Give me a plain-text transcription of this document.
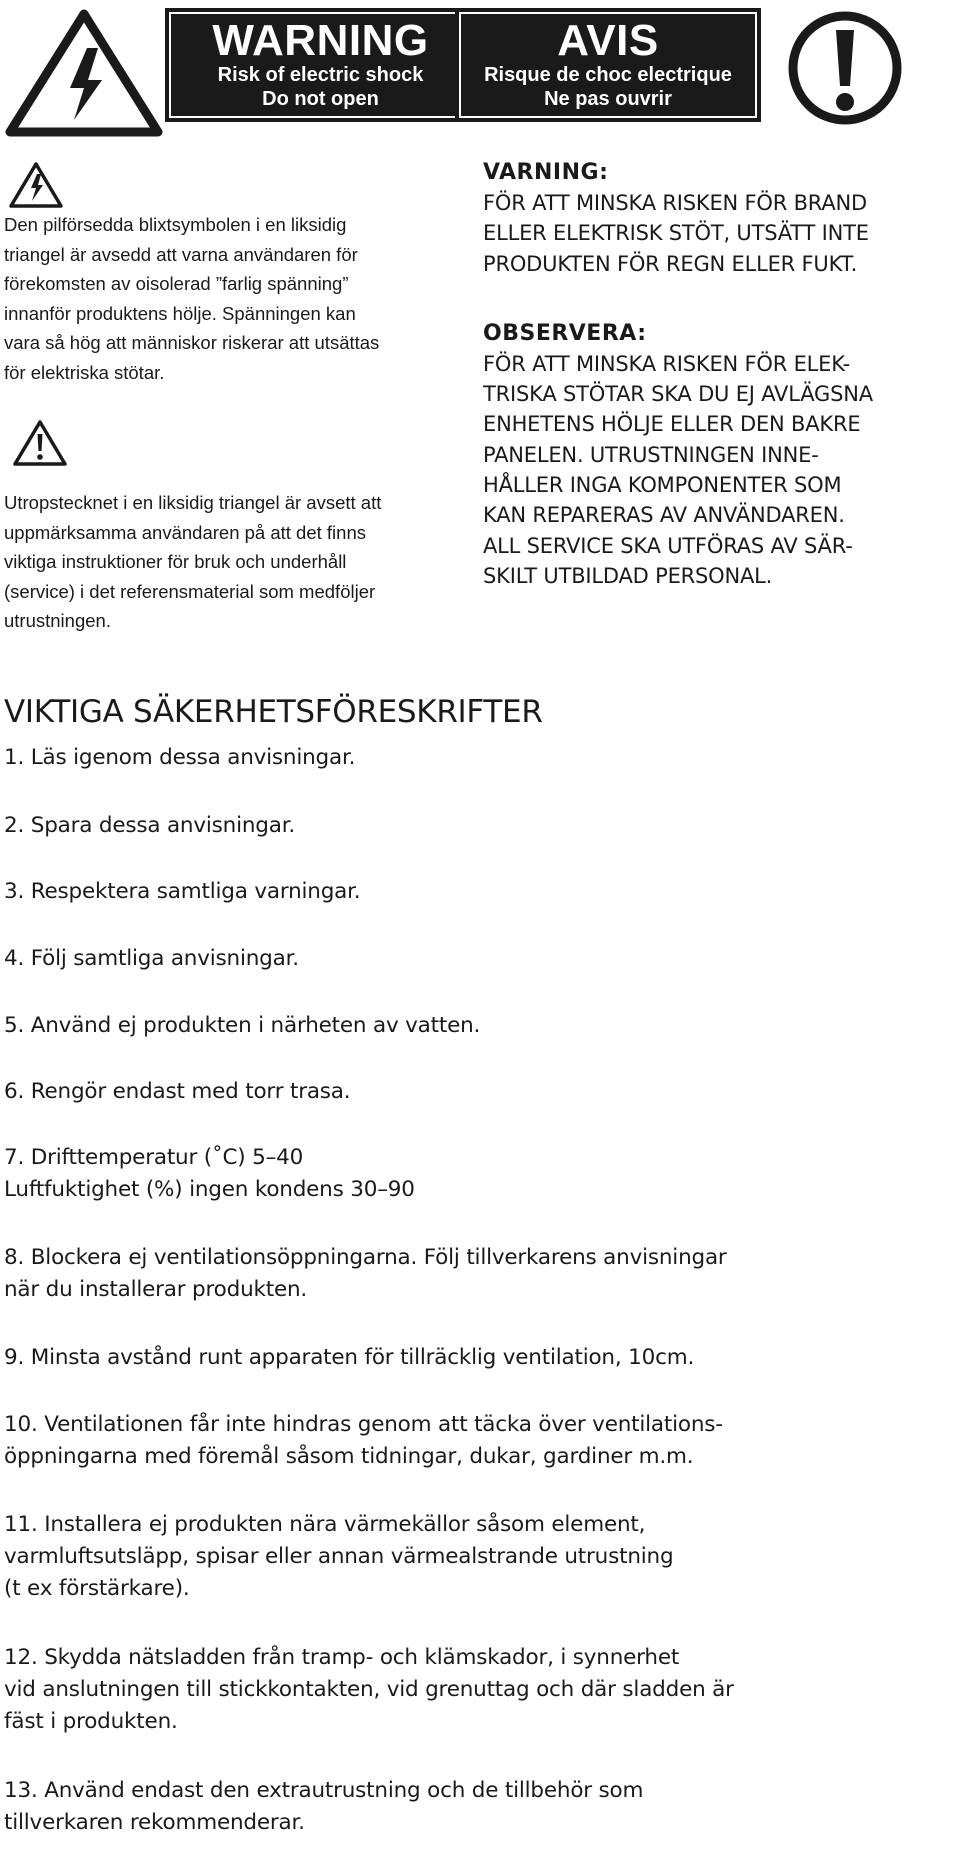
WARNING
Risk of electric shock
Do not open
AVIS
Risque de choc electrique
Ne pas ouvrir
Den pilförsedda blixtsymbolen i en liksidig
triangel är avsedd att varna användaren för
förekomsten av oisolerad ”farlig spänning”
innanför produktens hölje. Spänningen kan
vara så hög att människor riskerar att utsättas
för elektriska stötar.
Utropstecknet i en liksidig triangel är avsett att
uppmärksamma användaren på att det finns
viktiga instruktioner för bruk och underhåll
(service) i det referensmaterial som medföljer
utrustningen.
VARNING:
FÖR ATT MINSKA RISKEN FÖR BRAND
ELLER ELEKTRISK STÖT, UTSÄTT INTE
PRODUKTEN FÖR REGN ELLER FUKT.
OBSERVERA:
FÖR ATT MINSKA RISKEN FÖR ELEK-
TRISKA STÖTAR SKA DU EJ AVLÄGSNA
ENHETENS HÖLJE ELLER DEN BAKRE
PANELEN. UTRUSTNINGEN INNE-
HÅLLER INGA KOMPONENTER SOM
KAN REPARERAS AV ANVÄNDAREN.
ALL SERVICE SKA UTFÖRAS AV SÄR-
SKILT UTBILDAD PERSONAL.
VIKTIGA SÄKERHETSFÖRESKRIFTER
1. Läs igenom dessa anvisningar.
2. Spara dessa anvisningar.
3. Respektera samtliga varningar.
4. Följ samtliga anvisningar.
5. Använd ej produkten i närheten av vatten.
6. Rengör endast med torr trasa.
7. Drifttemperatur (˚C) 5–40
Luftfuktighet (%) ingen kondens 30–90
8. Blockera ej ventilationsöppningarna. Följ tillverkarens anvisningar
när du installerar produkten.
9. Minsta avstånd runt apparaten för tillräcklig ventilation, 10cm.
10. Ventilationen får inte hindras genom att täcka över ventilations-
öppningarna med föremål såsom tidningar, dukar, gardiner m.m.
11. Installera ej produkten nära värmekällor såsom element,
varmluftsutsläpp, spisar eller annan värmealstrande utrustning
(t ex förstärkare).
12. Skydda nätsladden från tramp- och klämskador, i synnerhet
vid anslutningen till stickkontakten, vid grenuttag och där sladden är
fäst i produkten.
13. Använd endast den extrautrustning och de tillbehör som
tillverkaren rekommenderar.
